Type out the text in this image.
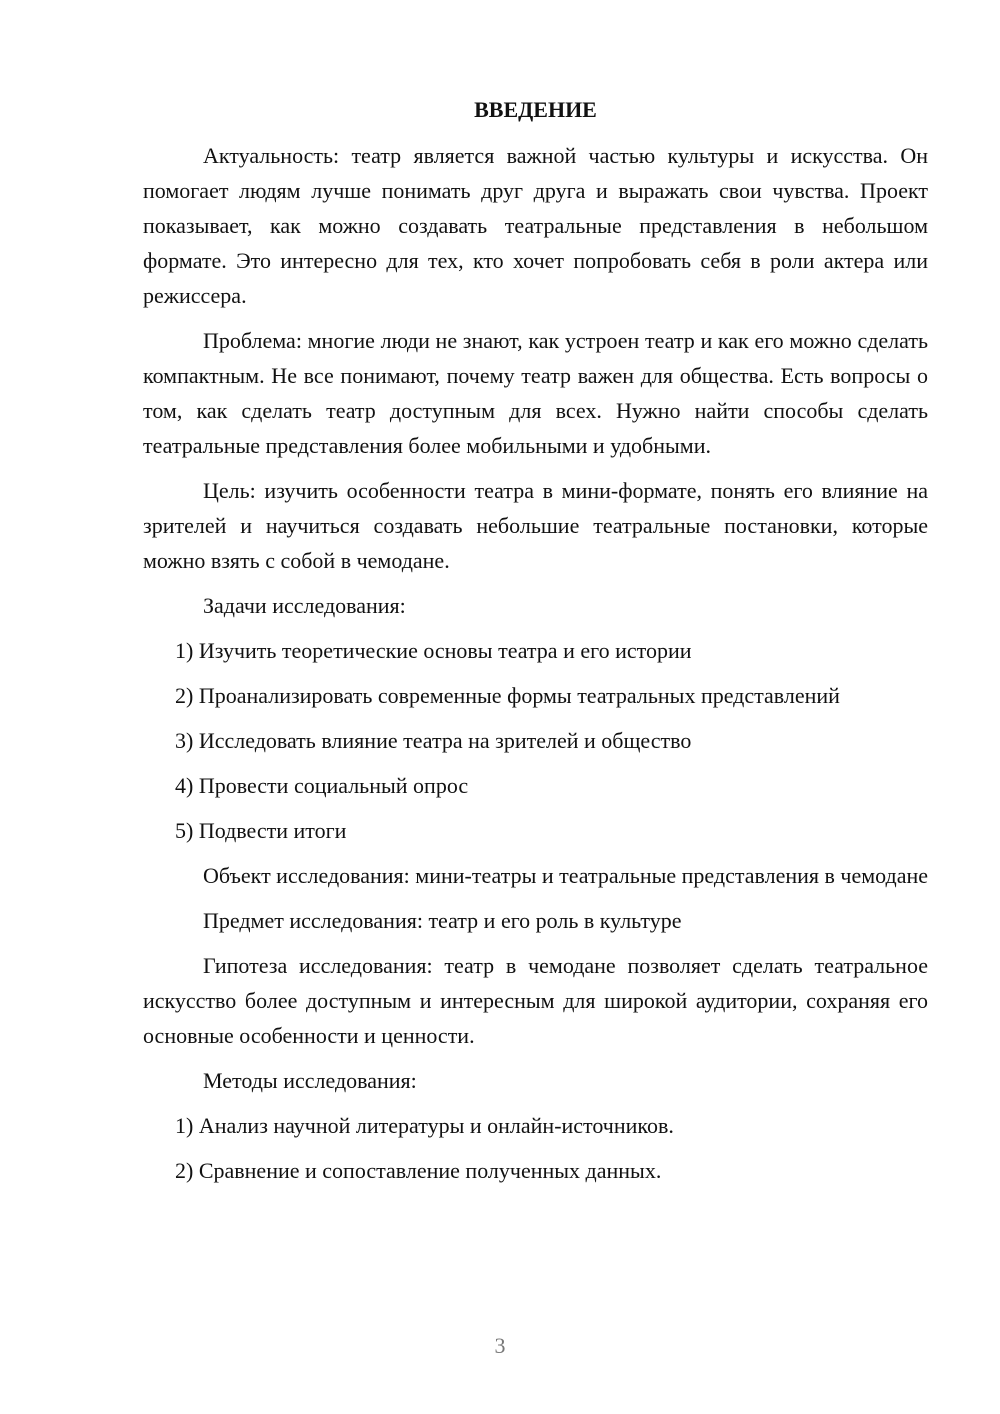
ВВЕДЕНИЕ

Актуальность: театр является важной частью культуры и искусства. Он помогает людям лучше понимать друг друга и выражать свои чувства. Проект показывает, как можно создавать театральные представления в небольшом формате. Это интересно для тех, кто хочет попробовать себя в роли актера или режиссера.

Проблема: многие люди не знают, как устроен театр и как его можно сделать компактным. Не все понимают, почему театр важен для общества. Есть вопросы о том, как сделать театр доступным для всех. Нужно найти способы сделать театральные представления более мобильными и удобными.

Цель: изучить особенности театра в мини-формате, понять его влияние на зрителей и научиться создавать небольшие театральные постановки, которые можно взять с собой в чемодане.

Задачи исследования:

1) Изучить теоретические основы театра и его истории

2) Проанализировать современные формы театральных представлений

3) Исследовать влияние театра на зрителей и общество

4) Провести социальный опрос

5) Подвести итоги

Объект исследования: мини-театры и театральные представления в чемодане

Предмет исследования: театр и его роль в культуре

Гипотеза исследования: театр в чемодане позволяет сделать театральное искусство более доступным и интересным для широкой аудитории, сохраняя его основные особенности и ценности.

Методы исследования:

1) Анализ научной литературы и онлайн-источников.

2) Сравнение и сопоставление полученных данных.

3
